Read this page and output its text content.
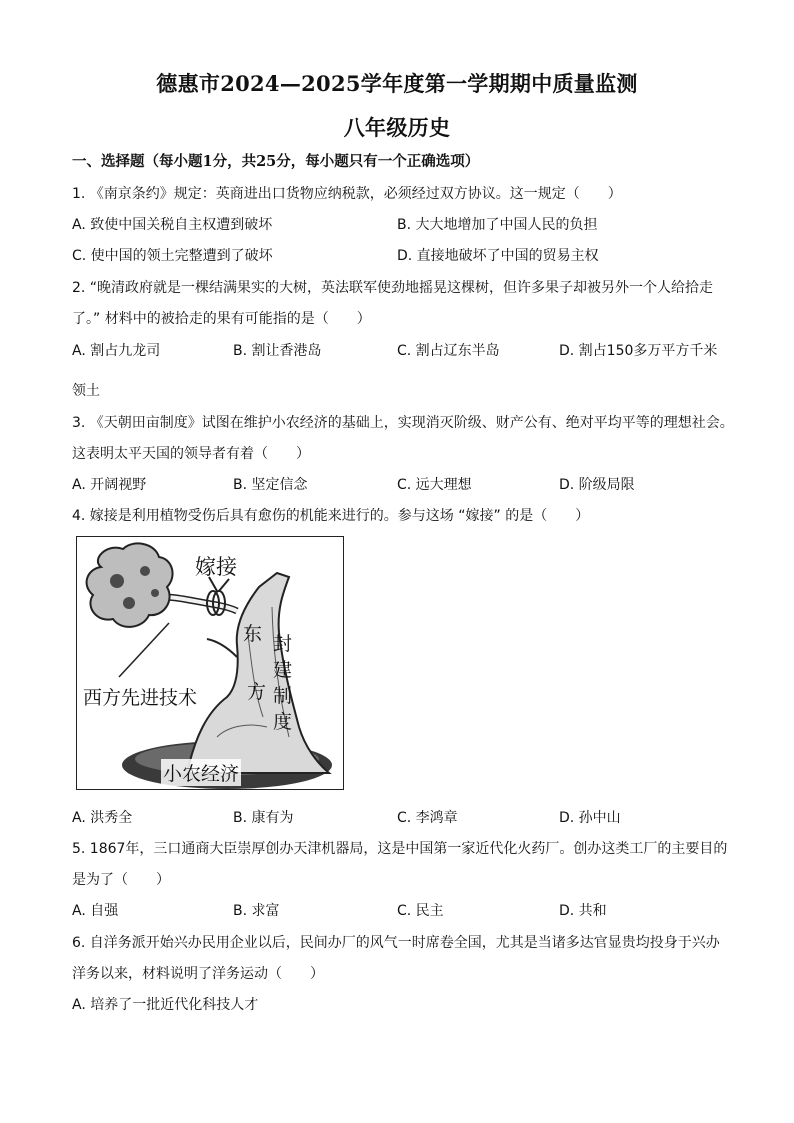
德惠市2024—2025学年度第一学期期中质量监测
八年级历史
一、选择题（每小题1分，共25分，每小题只有一个正确选项）
1. 《南京条约》规定：英商进出口货物应纳税款，必须经过双方协议。这一规定（　　）
A. 致使中国关税自主权遭到破坏	B. 大大地增加了中国人民的负担
C. 使中国的领土完整遭到了破坏	D. 直接地破坏了中国的贸易主权
2. “晚清政府就是一棵结满果实的大树，英法联军使劲地摇晃这棵树，但许多果子却被另外一个人给拾走
了。” 材料中的被拾走的果有可能指的是（　　）
A. 割占九龙司	B. 割让香港岛	C. 割占辽东半岛	D. 割占150多万平方千米
领土
3. 《天朝田亩制度》试图在维护小农经济的基础上，实现消灭阶级、财产公有、绝对平均平等的理想社会。
这表明太平天国的领导者有着（　　）
A. 开阔视野	B. 坚定信念	C. 远大理想	D. 阶级局限
4. 嫁接是利用植物受伤后具有愈伤的机能来进行的。参与这场 “嫁接” 的是（　　）
嫁接
西方先进技术
东
方
封
建
制
度
小农经济
A. 洪秀全	B. 康有为	C. 李鸿章	D. 孙中山
5. 1867年，三口通商大臣崇厚创办天津机器局，这是中国第一家近代化火药厂。创办这类工厂的主要目的
是为了（　　）
A. 自强	B. 求富	C. 民主	D. 共和
6. 自洋务派开始兴办民用企业以后，民间办厂的风气一时席卷全国，尤其是当诸多达官显贵均投身于兴办
洋务以来，材料说明了洋务运动（　　）
A. 培养了一批近代化科技人才
